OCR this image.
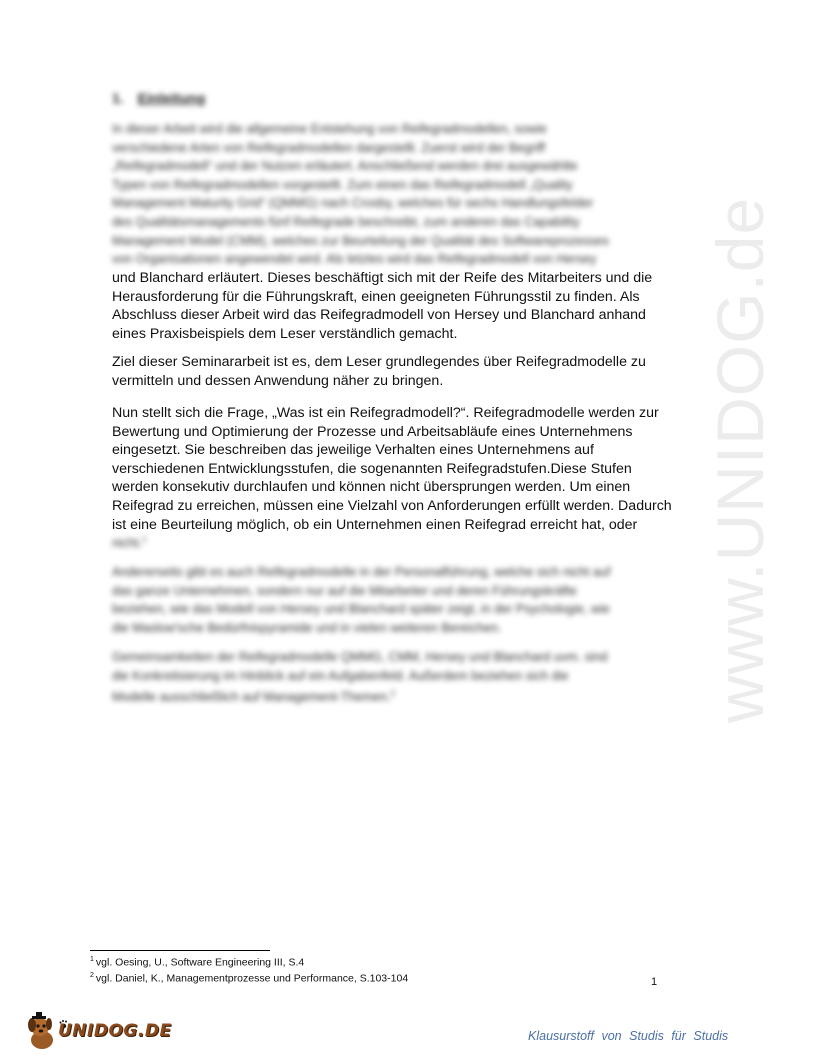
www.UNIDOG.de
1. Einleitung
In dieser Arbeit wird die allgemeine Entstehung von Reifegradmodellen, sowie
verschiedene Arten von Reifegradmodellen dargestellt. Zuerst wird der Begriff
„Reifegradmodell“ und der Nutzen erläutert. Anschließend werden drei ausgewählte
Typen von Reifegradmodellen vorgestellt. Zum einen das Reifegradmodell „Quality
Management Maturity Grid“ (QMMG) nach Crosby, welches für sechs Handlungsfelder
des Qualitätsmanagements fünf Reifegrade beschreibt, zum anderen das Capability
Management Model (CMM), welches zur Beurteilung der Qualität des Softwareprozesses
von Organisationen angewendet wird. Als letztes wird das Reifegradmodell von Hersey
und Blanchard erläutert. Dieses beschäftigt sich mit der Reife des Mitarbeiters und die
Herausforderung für die Führungskraft, einen geeigneten Führungsstil zu finden. Als
Abschluss dieser Arbeit wird das Reifegradmodell von Hersey und Blanchard anhand
eines Praxisbeispiels dem Leser verständlich gemacht.
Ziel dieser Seminararbeit ist es, dem Leser grundlegendes über Reifegradmodelle zu
vermitteln und dessen Anwendung näher zu bringen.
Nun stellt sich die Frage, „Was ist ein Reifegradmodell?“. Reifegradmodelle werden zur
Bewertung und Optimierung der Prozesse und Arbeitsabläufe eines Unternehmens
eingesetzt. Sie beschreiben das jeweilige Verhalten eines Unternehmens auf
verschiedenen Entwicklungsstufen, die sogenannten Reifegradstufen.Diese Stufen
werden konsekutiv durchlaufen und können nicht übersprungen werden. Um einen
Reifegrad zu erreichen, müssen eine Vielzahl von Anforderungen erfüllt werden. Dadurch
ist eine Beurteilung möglich, ob ein Unternehmen einen Reifegrad erreicht hat, oder
nicht.$^1$
Andererseits gibt es auch Reifegradmodelle in der Personalführung, welche sich nicht auf
das ganze Unternehmen, sondern nur auf die Mitarbeiter und deren Führungskräfte
beziehen, wie das Modell von Hersey und Blanchard später zeigt, in der Psychologie, wie
die Maslow'sche Bedürfnispyramide und in vielen weiteren Bereichen.
Gemeinsamkeiten der Reifegradmodelle QMMG, CMM, Hersey und Blanchard uvm. sind
die Konkretisierung im Hinblick auf ein Aufgabenfeld. Außerdem beziehen sich die
Modelle ausschließlich auf Management-Themen.$^2$
$^1$ vgl. Oesing, U., Software Engineering III, S.4
$^2$ vgl. Daniel, K., Managementprozesse und Performance, S.103-104	1
UNIDOG.DE	Klausurstoff von Studis für Studis
